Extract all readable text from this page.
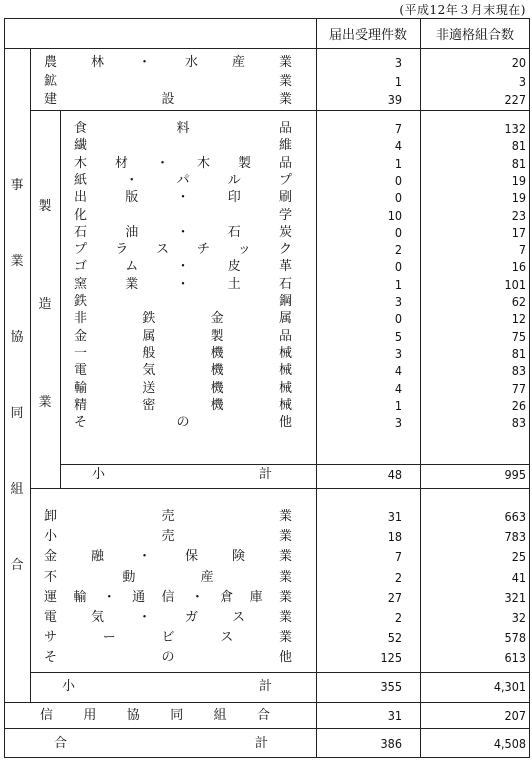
(平成12年３月末現在)
届出受理件数	非適格組合数
事
業
協
同
組
合
製
造
業
農林・水産業	3	20
鉱業	1	3
建設業	39	227
食料品	7	132
繊維	4	81
木材・木製品	1	81
紙・パルプ	0	19
出版・印刷	0	19
化学	10	23
石油・石炭	0	17
プラスチック	2	7
ゴム・皮革	0	16
窯業・土石	1	101
鉄鋼	3	62
非鉄金属	0	12
金属製品	5	75
一般機械	3	81
電気機械	4	83
輸送機械	4	77
精密機械	1	26
その他	3	83
小計	48	995
卸売業	31	663
小売業	18	783
金融・保険業	7	25
不動産業	2	41
運輸・通信・倉庫業	27	321
電気・ガス業	2	32
サービス業	52	578
その他	125	613
小計	355	4,301
信用協同組合	31	207
合計	386	4,508
